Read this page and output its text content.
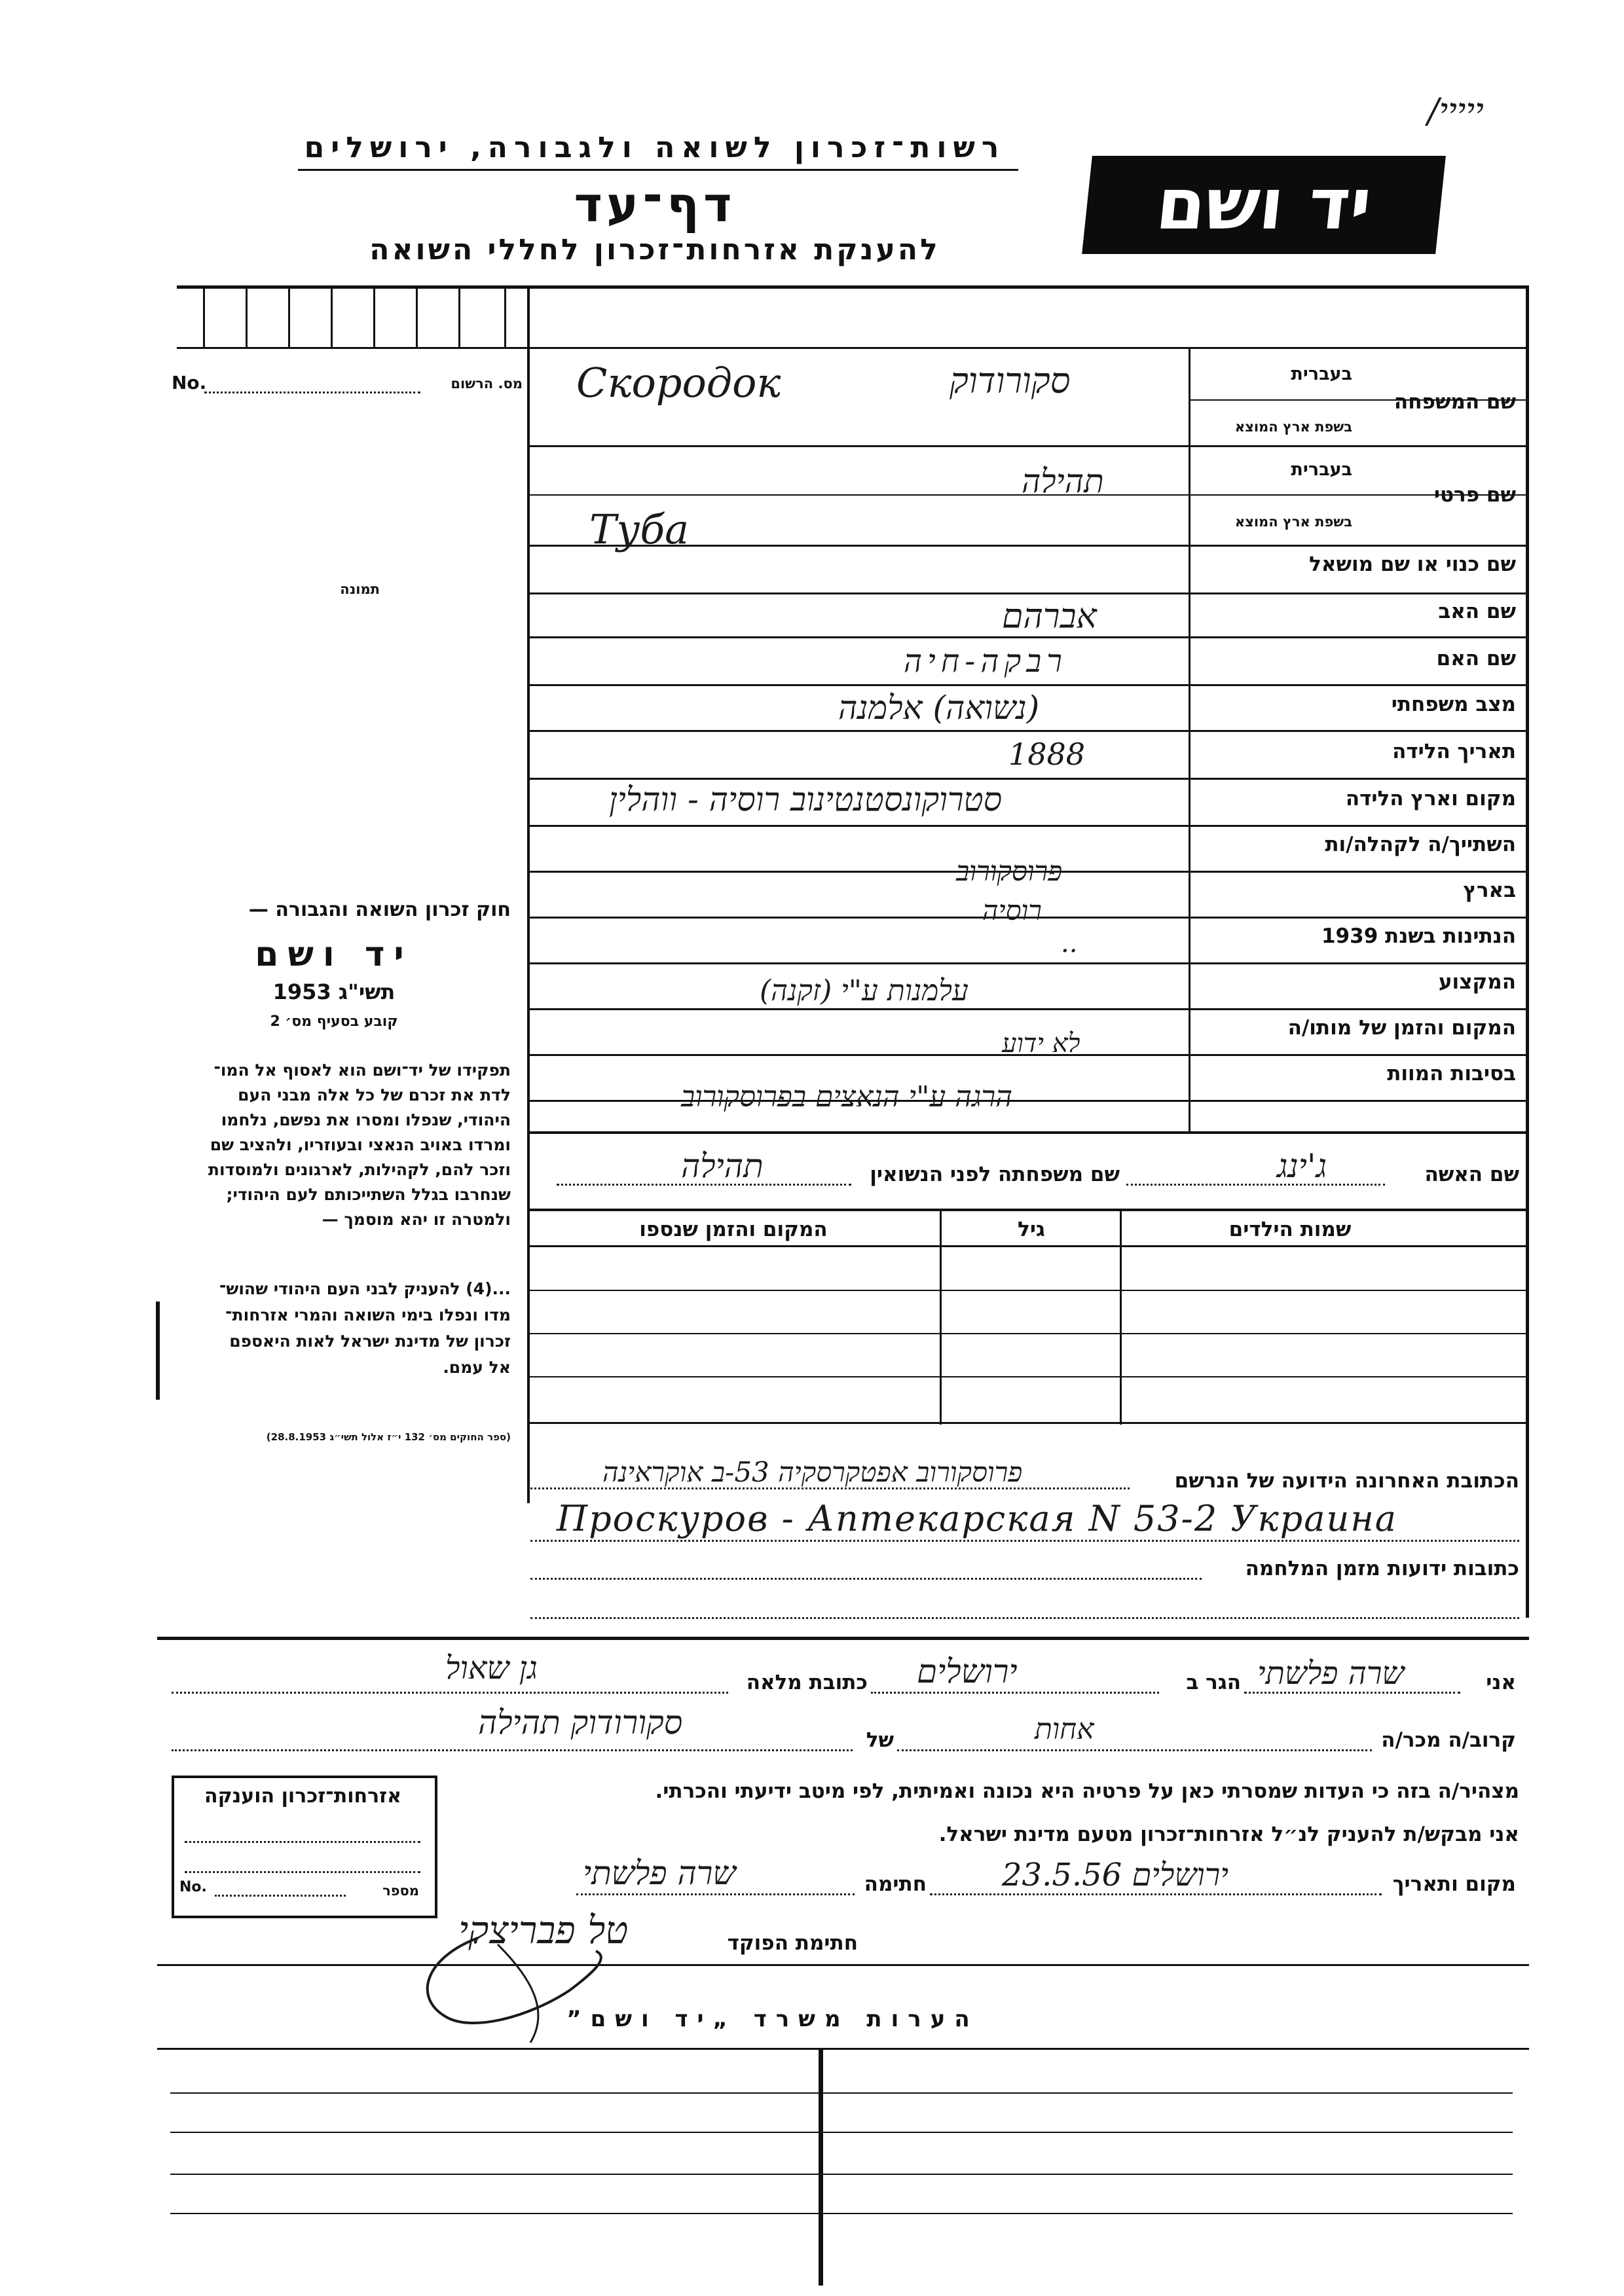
/ייייי
רשות־זכרון לשואה ולגבורה, ירושלים
דף־עד
להענקת אזרחות־זכרון לחללי השואה
יד ושם
No.	מס. הרשום
תמונה
שם המשפחה
בעברית
בשפת ארץ המוצא
סקורודוק
Скорoдок
שם פרטי
בעברית
בשפת ארץ המוצא
תהילה
Туба
שם כנוי או שם מושאל
שם האב
אברהם
שם האם
רבקה-חיה
מצב משפחתי
(נשואה) אלמנה
תאריך הלידה
1888
מקום וארץ הלידה
סטרוקונסטנטינוב רוסיה - ווהלין
השתייך/ה לקהלה/ות
פרוסקורוב
בארץ
רוסיה
הנתינות בשנת 1939
..
המקצוע
עלמנות ע"י (זקנה)
המקום והזמן של מותו/ה
לא ידוע
בסיבות המוות
הרגה ע"י הנאצים בפרוסקורוב
שם האשה
ג'ינג
שם משפחתה לפני הנשואין
תהילה
שמות הילדים
גיל
המקום והזמן שנספו
הכתובת האחרונה הידועה של הנרשם
פרוסקורוב אפטקרסקיה 53-ב אוקראינה
Проскуров - Аптекарская N 53-2 Украина
כתובות ידועות מזמן המלחמה
חוק זכרון השואה והגבורה —
יד ושם
תשי"ג 1953
קובע בסעיף מס׳ 2
תפקידו של יד־ושם הוא לאסוף אל המו־
לדת את זכרם של כל אלה מבני העם
היהודי, שנפלו ומסרו את נפשם, נלחמו
ומרדו באויב הנאצי ובעוזריו, ולהציב שם
וזכר להם, לקהילות, לארגונים ולמוסדות
שנחרבו בגלל השתייכותם לעם היהודי;
ולמטרה זו יהא מוסמך —
...(4) להעניק לבני העם היהודי שהוש־
מדו ונפלו בימי השואה והמרי אזרחות־
זכרון של מדינת ישראל לאות היאספם
אל עמם.
(ספר החוקים מס׳ 132 י״ז אלול תשי״ג 28.8.1953)
אני
שרה פלשתי
הגר ב
ירושלים
כתובת מלאה
גן שאול
קרוב/ה מכר/ה
אחות
של
סקורודוק תהילה
מצהיר/ה בזה כי העדות שמסרתי כאן על פרטיה היא נכונה ואמיתית, לפי מיטב ידיעתי והכרתי.
אני מבקש/ת להעניק לנ״ל אזרחות־זכרון מטעם מדינת ישראל.
מקום ותאריך
ירושלים 23.5.56
חתימה
שרה פלשתי
חתימת הפוקד
טל פבריצקי
אזרחות־זכרון הוענקה
No.	מספר
הערות משרד „יד ושם”
